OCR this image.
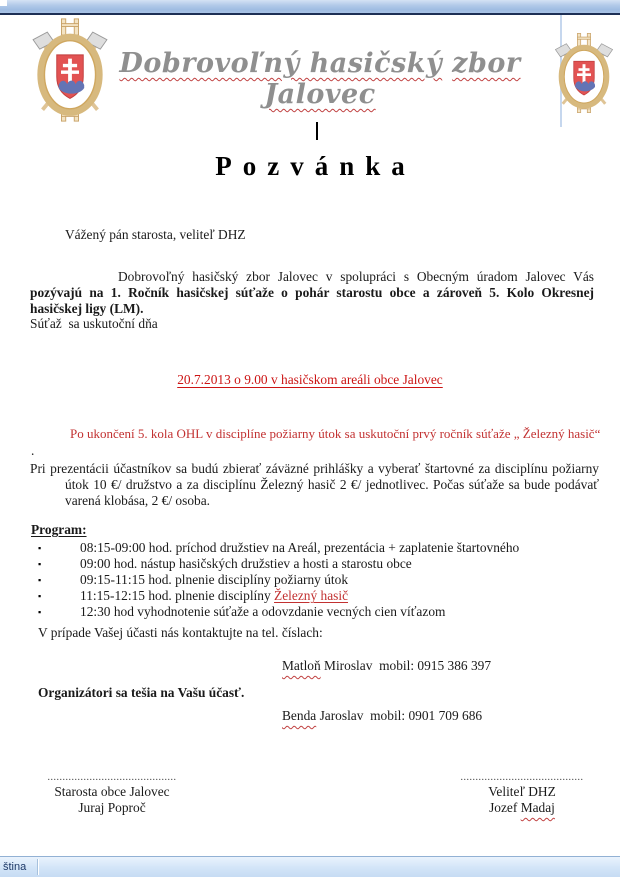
Dobrovoľný hasičský zbor Jalovec
Pozvánka
Vážený pán starosta, veliteľ DHZ
Dobrovoľný hasičský zbor Jalovec v spolupráci s Obecným úradom Jalovec Vás pozývajú na 1. Ročník hasičskej súťaže o pohár starostu obce a zároveň 5. Kolo Okresnej hasičskej ligy (LM).
Súťaž  sa uskutoční dňa
20.7.2013 o 9.00 v hasičskom areáli obce Jalovec
Po ukončení 5. kola OHL v disciplíne požiarny útok sa uskutoční prvý ročník súťaže „ Železný hasič“
.
Pri prezentácii účastníkov sa budú zbierať záväzné prihlášky a vyberať štartovné za disciplínu požiarny útok 10 €/ družstvo a za disciplínu Železný hasič 2 €/ jednotlivec. Počas súťaže sa bude podávať varená klobása, 2 €/ osoba.
Program:
▪	08:15-09:00 hod. príchod družstiev na Areál, prezentácia + zaplatenie štartovného
▪	09:00 hod. nástup hasičských družstiev a hosti a starostu obce
▪	09:15-11:15 hod. plnenie disciplíny požiarny útok
▪	11:15-12:15 hod. plnenie disciplíny Železný hasič
▪	12:30 hod vyhodnotenie súťaže a odovzdanie vecných cien víťazom
V prípade Vašej účasti nás kontaktujte na tel. číslach:

Matloň Miroslav  mobil: 0915 386 397

Benda Jaroslav  mobil: 0901 709 686

Organizátori sa tešia na Vašu účasť.
...........................................
Starosta obce Jalovec
Juraj Poproč
.........................................
Veliteľ DHZ
Jozef Madaj
ština
